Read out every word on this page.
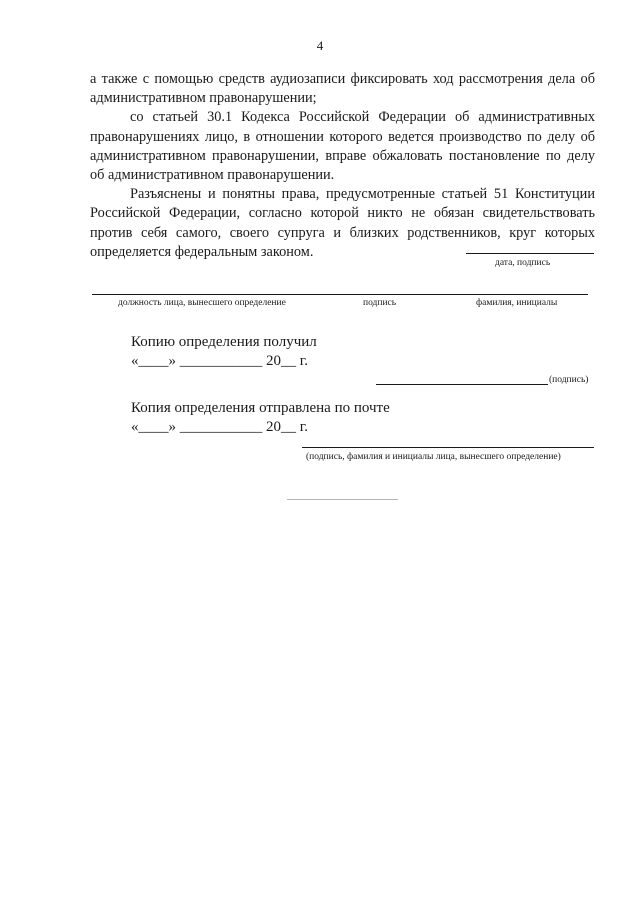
4

а также с помощью средств аудиозаписи фиксировать ход рассмотрения дела об административном правонарушении;

со статьей 30.1 Кодекса Российской Федерации об административных правонарушениях лицо, в отношении которого ведется производство по делу об административном правонарушении, вправе обжаловать постановление по делу об административном правонарушении.

Разъяснены и понятны права, предусмотренные статьей 51 Конституции Российской Федерации, согласно которой никто не обязан свидетельствовать против себя самого, своего супруга и близких родственников, круг которых определяется федеральным законом.

дата, подпись
должность лица, вынесшего определение	подпись	фамилия, инициалы
Копию определения получил
«____» ___________ 20__ г.
(подпись)
Копия определения отправлена по почте
«____» ___________ 20__ г.
(подпись, фамилия и инициалы лица, вынесшего определение)
